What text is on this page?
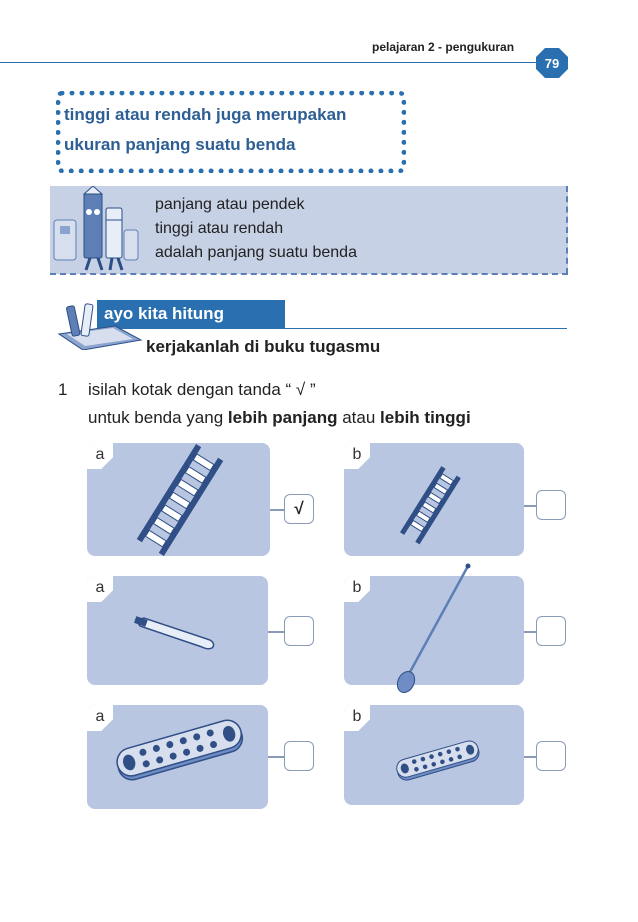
pelajaran 2 - pengukuran
79
tinggi atau rendah juga merupakan
ukuran panjang suatu benda
panjang atau pendek
tinggi atau rendah
adalah panjang suatu benda
ayo kita hitung
kerjakanlah di buku tugasmu
1 isilah kotak dengan tanda “ √ ”
untuk benda yang lebih panjang atau lebih tinggi
a
√
b
a	b
a	b
